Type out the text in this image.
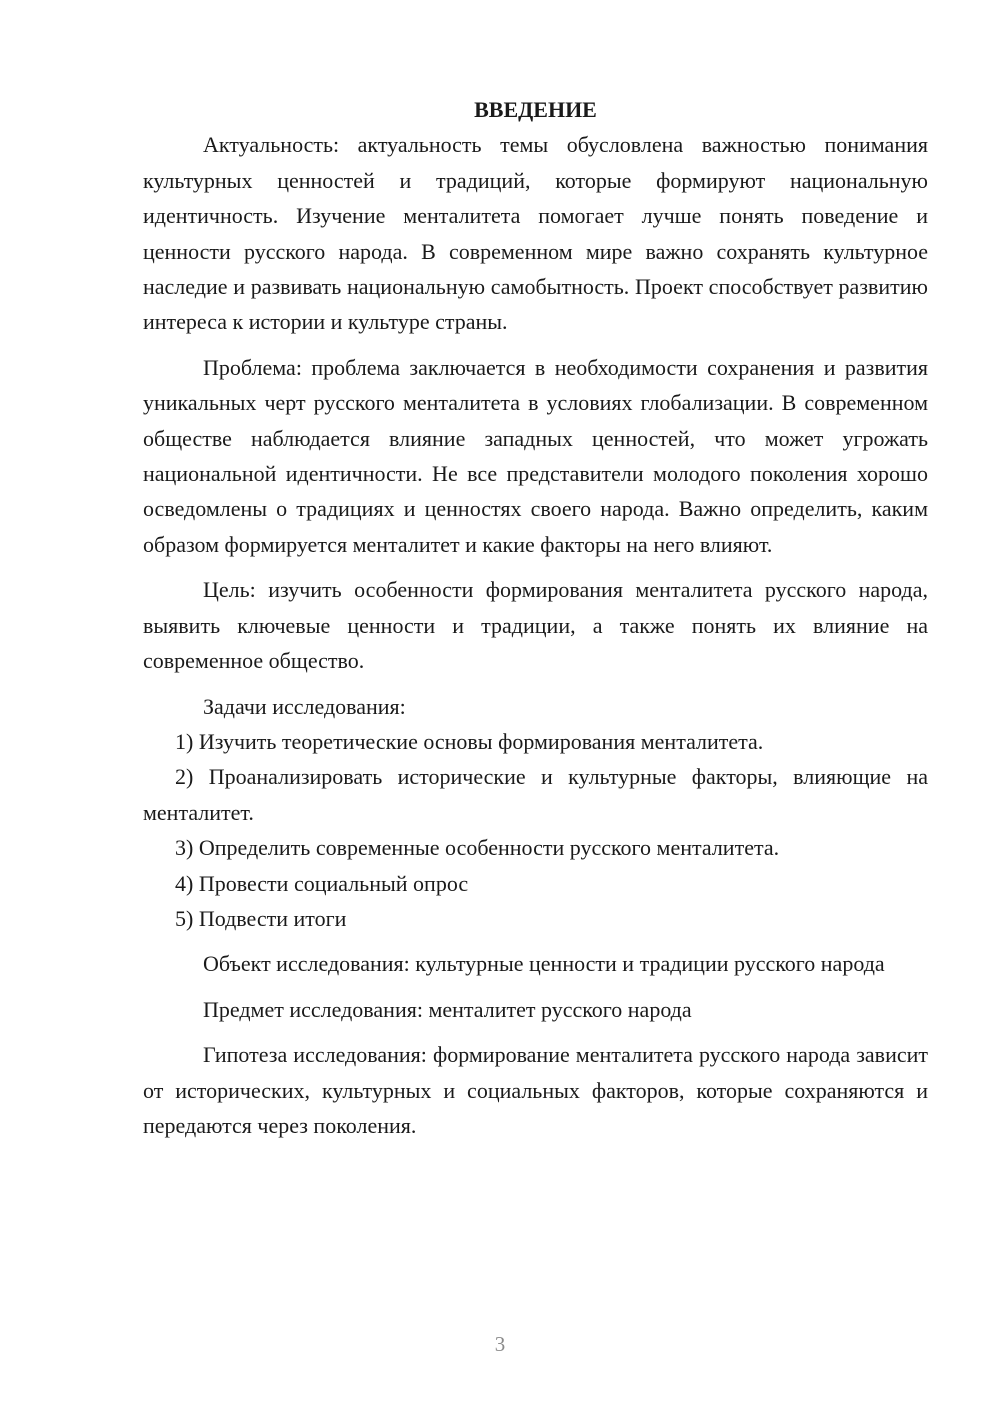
ВВЕДЕНИЕ

Актуальность: актуальность темы обусловлена важностью понимания культурных ценностей и традиций, которые формируют национальную идентичность. Изучение менталитета помогает лучше понять поведение и ценности русского народа. В современном мире важно сохранять культурное наследие и развивать национальную самобытность. Проект способствует развитию интереса к истории и культуре страны.

Проблема: проблема заключается в необходимости сохранения и развития уникальных черт русского менталитета в условиях глобализации. В современном обществе наблюдается влияние западных ценностей, что может угрожать национальной идентичности. Не все представители молодого поколения хорошо осведомлены о традициях и ценностях своего народа. Важно определить, каким образом формируется менталитет и какие факторы на него влияют.

Цель: изучить особенности формирования менталитета русского народа, выявить ключевые ценности и традиции, а также понять их влияние на современное общество.

Задачи исследования:

1) Изучить теоретические основы формирования менталитета.

2) Проанализировать исторические и культурные факторы, влияющие на менталитет.

3) Определить современные особенности русского менталитета.

4) Провести социальный опрос

5) Подвести итоги

Объект исследования: культурные ценности и традиции русского народа

Предмет исследования: менталитет русского народа

Гипотеза исследования: формирование менталитета русского народа зависит от исторических, культурных и социальных факторов, которые сохраняются и передаются через поколения.

3
